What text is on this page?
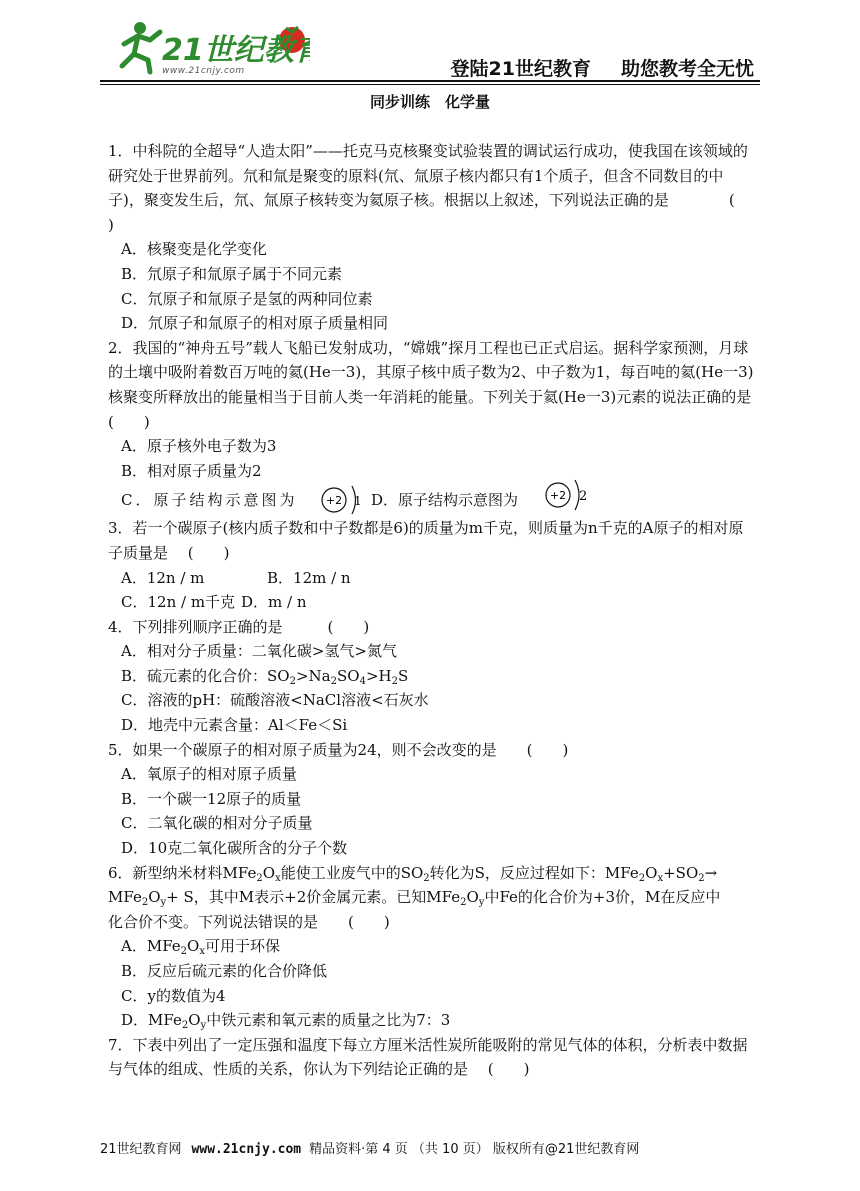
21世纪教育
www.21cnjy.com	登陆21世纪教育 助您教考全无忧
同步训练　化学量

1．中科院的全超导“人造太阳”——托克马克核聚变试验装置的调试运行成功，使我国在该领域的研究处于世界前列。氘和氚是聚变的原料(氘、氚原子核内都只有1个质子，但含不同数目的中子)，聚变发生后，氘、氚原子核转变为氦原子核。根据以上叙述，下列说法正确的是　　　　(　 )

A．核聚变是化学变化

B．氘原子和氚原子属于不同元素

C．氘原子和氚原子是氢的两种同位素

D．氘原子和氚原子的相对原子质量相同

2．我国的“神舟五号”载人飞船已发射成功，“嫦娥”探月工程也已正式启运。据科学家预测，月球的土壤中吸附着数百万吨的氦(He一3)，其原子核中质子数为2、中子数为1，每百吨的氦(He一3)核聚变所释放出的能量相当于目前人类一年消耗的能量。下列关于氦(He一3)元素的说法正确的是　　(　　)

A．原子核外电子数为3

B．相对原子质量为2

C．原子结构示意图为	+2 1 D．原子结构示意图为	+2 2

3．若一个碳原子(核内质子数和中子数都是6)的质量为m千克，则质量为n千克的A原子的相对原子质量是　 (　　)

A．12n / m	B．12m / n

C．12n / m千克 D．m / n

4．下列排列顺序正确的是　　　(　　)

A．相对分子质量：二氧化碳>氢气>氮气

B．硫元素的化合价：$SO_2>Na_2SO_4>H_2S$

C．溶液的pH：硫酸溶液<NaCl溶液<石灰水

D．地壳中元素含量：Al＜Fe＜Si

5．如果一个碳原子的相对原子质量为24，则不会改变的是　　(　　)

A．氧原子的相对原子质量

B．一个碳一12原子的质量

C．二氧化碳的相对分子质量

D．10克二氧化碳所含的分子个数

6．新型纳米材料$MFe_2O_x$能使工业废气中的$SO_2$转化为S，反应过程如下：$MFe_2O_x+SO_2\to$

$MFe_2O_y+ S$，其中M表示+2价金属元素。已知$MFe_2O_y$中Fe的化合价为+3价，M在反应中

化合价不变。下列说法错误的是　　(　　)

A．$MFe_2O_x$可用于环保

B．反应后硫元素的化合价降低

C．y的数值为4

D．$MFe_2O_y$中铁元素和氧元素的质量之比为7：3

7．下表中列出了一定压强和温度下每立方厘米活性炭所能吸附的常见气体的体积，分析表中数据与气体的组成、性质的关系，你认为下列结论正确的是　 (　　)

21世纪教育网 www.21cnjy.com 精品资料·第 4 页 （共 10 页） 版权所有@21世纪教育网
